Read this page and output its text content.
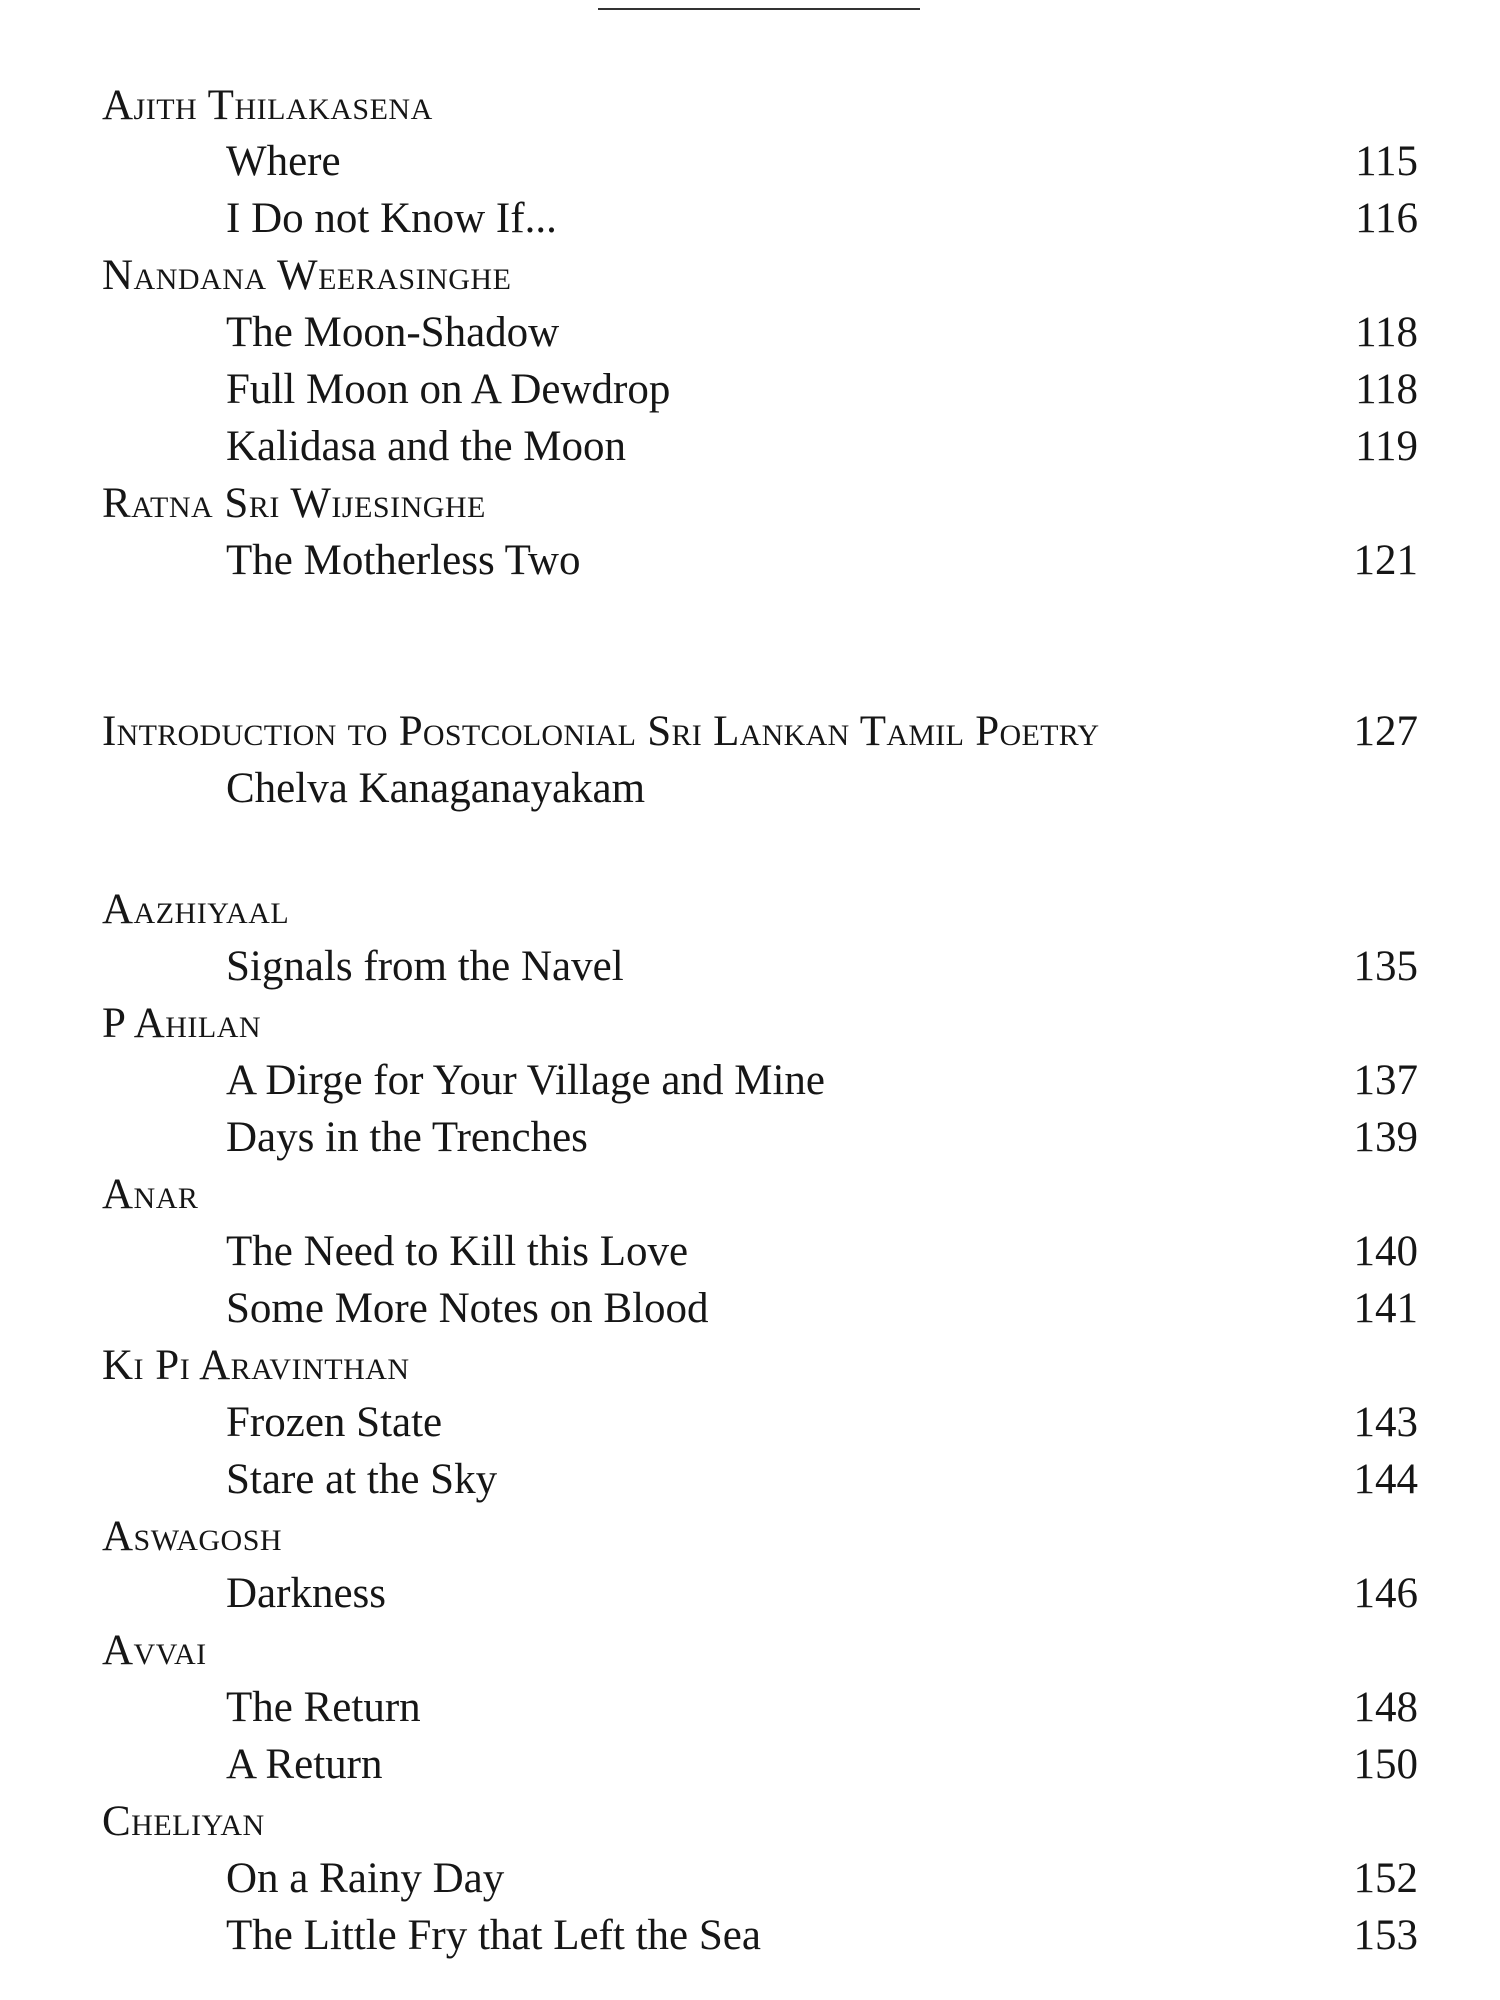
Ajith Thilakasena
Where	115
I Do not Know If...	116
Nandana Weerasinghe
The Moon-Shadow	118
Full Moon on A Dewdrop	118
Kalidasa and the Moon	119
Ratna Sri Wijesinghe
The Motherless Two	121
Introduction to Postcolonial Sri Lankan Tamil Poetry	127
Chelva Kanaganayakam
Aazhiyaal
Signals from the Navel	135
P Ahilan
A Dirge for Your Village and Mine	137
Days in the Trenches	139
Anar
The Need to Kill this Love	140
Some More Notes on Blood	141
Ki Pi Aravinthan
Frozen State	143
Stare at the Sky	144
Aswagosh
Darkness	146
Avvai
The Return	148
A Return	150
Cheliyan
On a Rainy Day	152
The Little Fry that Left the Sea	153
